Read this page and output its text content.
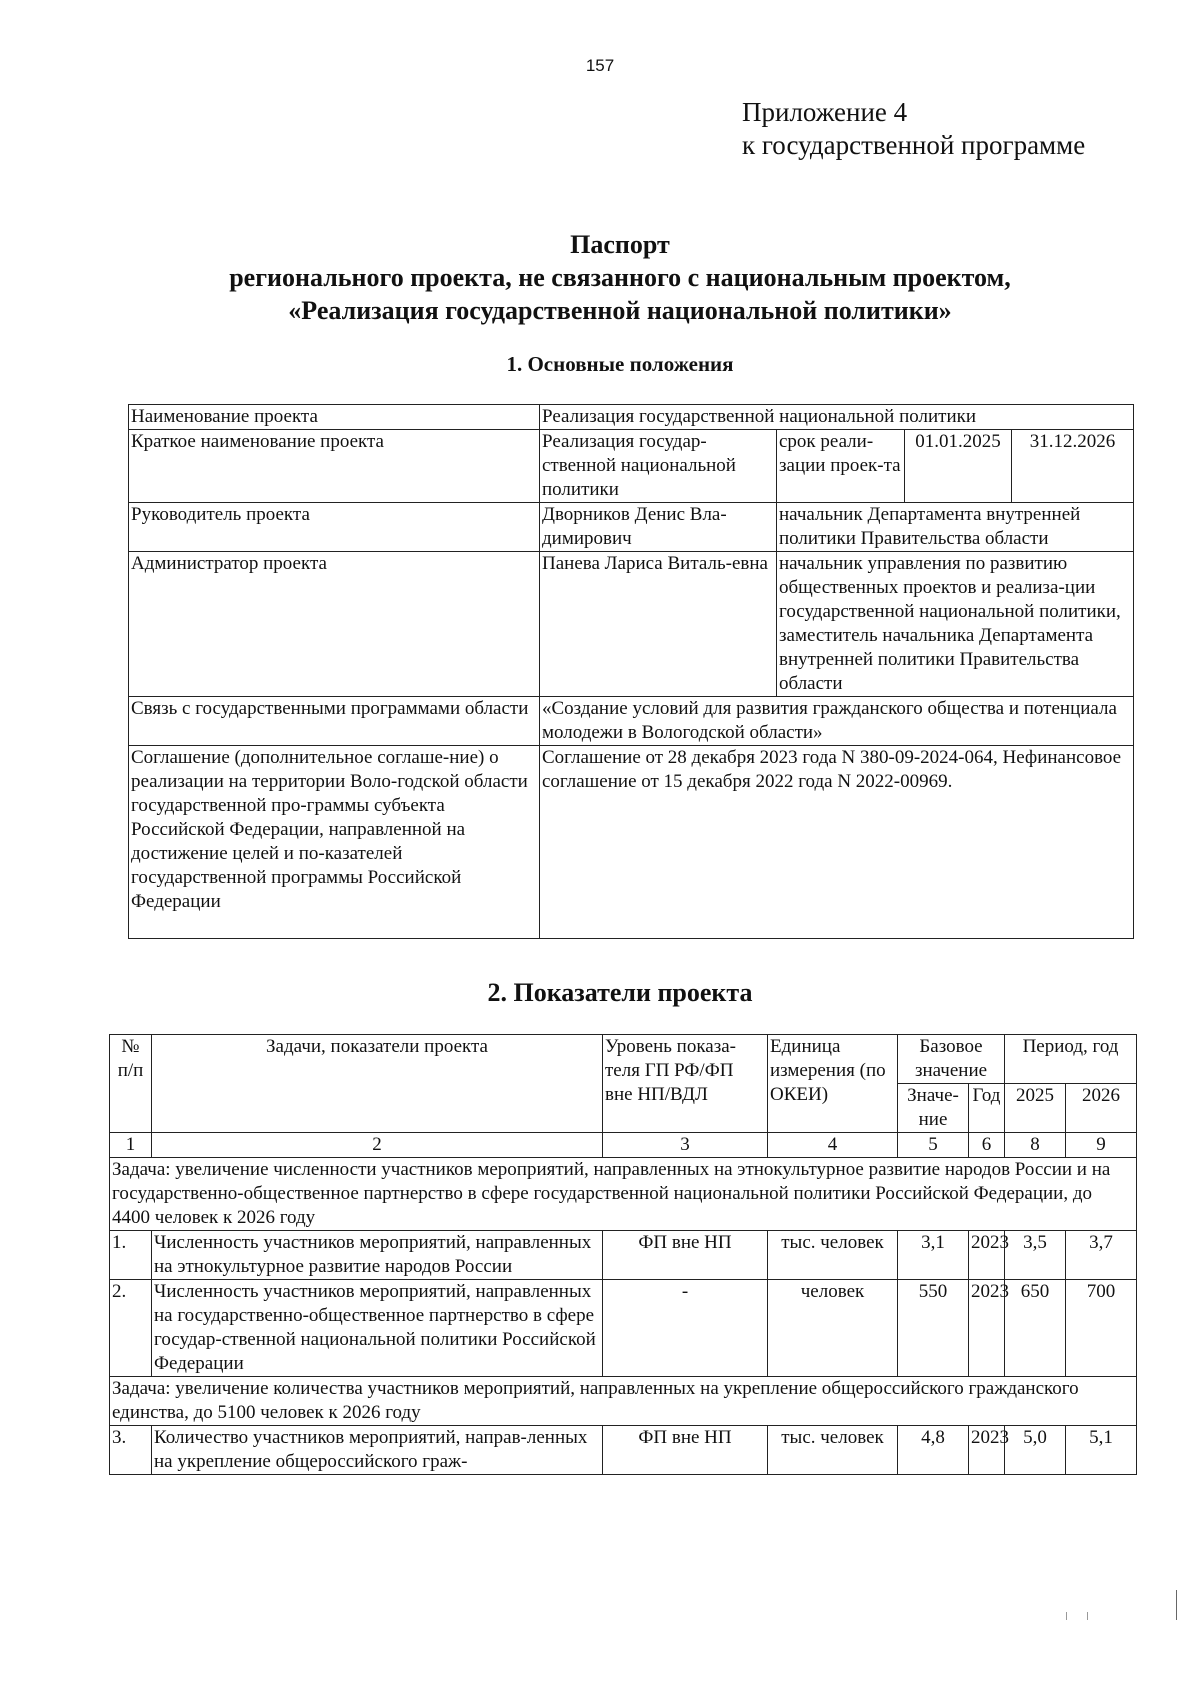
157
Приложение 4
к государственной программе
Паспорт
регионального проекта, не связанного с национальным проектом,
«Реализация государственной национальной политики»
1. Основные положения
Наименование проекта	Реализация государственной национальной политики			
Краткое наименование проекта	Реализация государ-ственной национальной политики	срок реали-зации проек-та	01.01.2025	31.12.2026
Руководитель проекта	Дворников Денис Вла-димирович	начальник Департамента внутренней политики Правительства области		
Администратор проекта	Панева Лариса Виталь-евна	начальник управления по развитию общественных проектов и реализа-ции государственной национальной политики, заместитель начальника Департамента внутренней политики Правительства области		
Связь с государственными программами области	«Создание условий для развития гражданского общества и потенциала молодежи в Вологодской области»			
Соглашение (дополнительное соглаше-ние) о реализации на территории Воло-годской области государственной про-граммы субъекта Российской Федерации, направленной на достижение целей и по-казателей государственной программы Российской Федерации	Соглашение от 28 декабря 2023 года N 380-09-2024-064, Нефинансовое соглашение от 15 декабря 2022 года N 2022-00969.			
2. Показатели проекта
№ п/п	Задачи, показатели проекта	Уровень показа-теля ГП РФ/ФП вне НП/ВДЛ	Единица измерения (по ОКЕИ)	Базовое значение		Период, год	
				Значе-ние	Год	2025	2026
1	2	3	4	5	6	8	9
Задача: увеличение численности участников мероприятий, направленных на этнокультурное развитие народов России и на государственно-общественное партнерство в сфере государственной национальной политики Российской Федерации, до 4400 человек к 2026 году							
1.	Численность участников мероприятий, направленных на этнокультурное развитие народов России	ФП вне НП	тыс. человек	3,1	2023	3,5	3,7
2.	Численность участников мероприятий, направленных на государственно-общественное партнерство в сфере государ-ственной национальной политики Российской Федерации	-	человек	550	2023	650	700
Задача: увеличение количества участников мероприятий, направленных на укрепление общероссийского гражданского единства, до 5100 человек к 2026 году							
3.	Количество участников мероприятий, направ-ленных на укрепление общероссийского граж-	ФП вне НП	тыс. человек	4,8	2023	5,0	5,1
